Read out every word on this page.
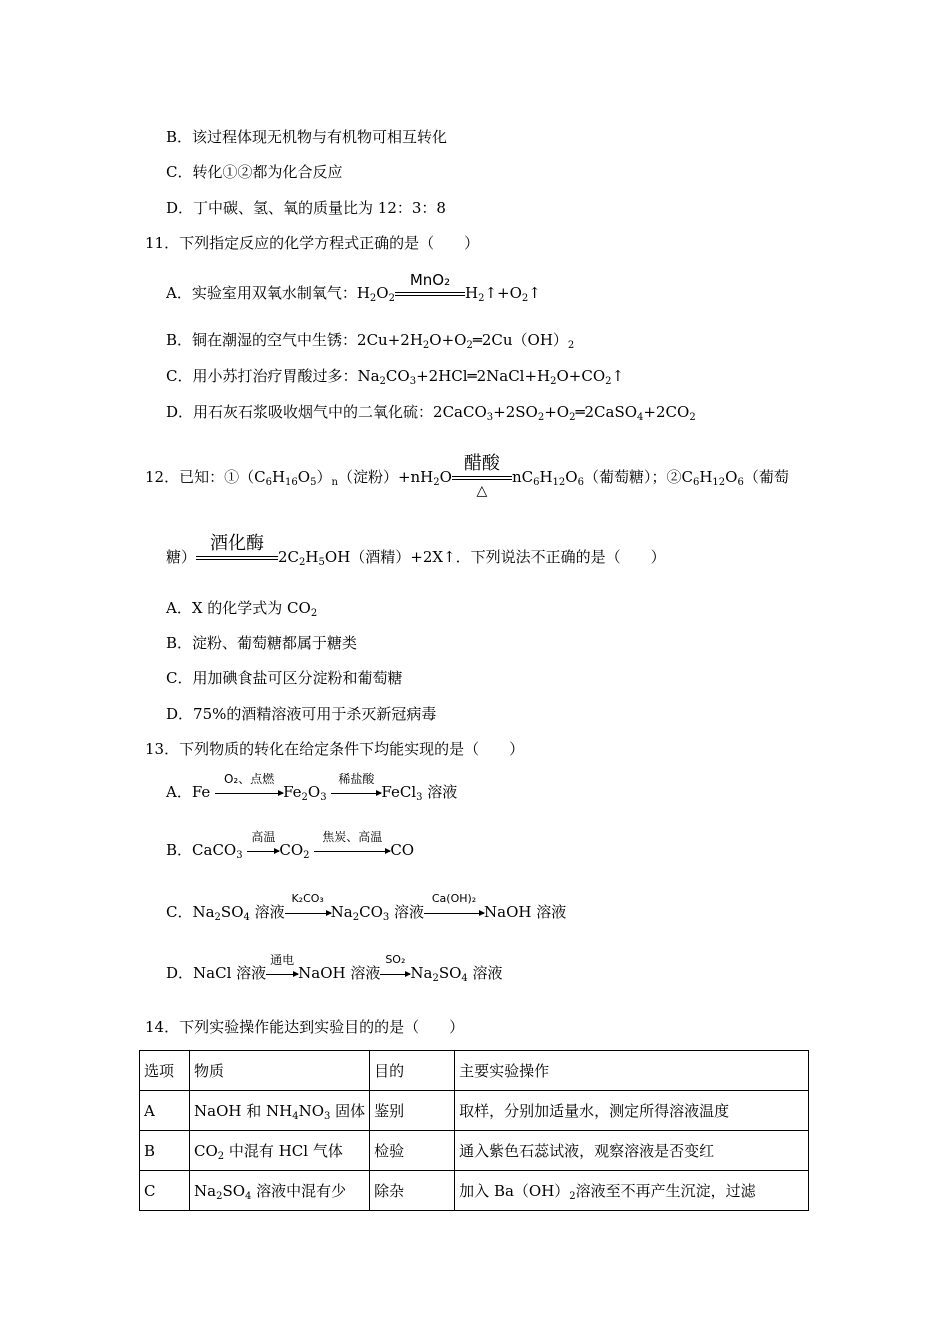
B．该过程体现无机物与有机物可相互转化
C．转化①②都为化合反应
D．丁中碳、氢、氧的质量比为 12：3：8
11．下列指定反应的化学方程式正确的是（　　）
A．实验室用双氧水制氧气：$H_2O_2$
MnO₂
$H_2↑+O_2↑$
B．铜在潮湿的空气中生锈：$2Cu+2H_2O+O_2═2Cu(OH)_2$
C．用小苏打治疗胃酸过多：$Na_2CO_3+2HCl═2NaCl+H_2O+CO_2↑$
D．用石灰石浆吸收烟气中的二氧化硫：$2CaCO_3+2SO_2+O_2═2CaSO_4+2CO_2$
12．已知：$①(C_6H_{16}O_5)_n$（淀粉）$+nH_2O$
醋酸
△
$nC_6H_{12}O_6$（葡萄糖）；$②C_6H_{12}O_6$（葡萄
糖）
酒化酶
$2C_2H_5OH$（酒精）+2X↑．下列说法不正确的是（　　）
A．X 的化学式为 $CO_2$
B．淀粉、葡萄糖都属于糖类
C．用加碘食盐可区分淀粉和葡萄糖
D．75%的酒精溶液可用于杀灭新冠病毒
13．下列物质的转化在给定条件下均能实现的是（　　）
A．Fe
O₂、点燃
$Fe_2O_3$
稀盐酸
FeCl$_3$ 溶液
B．CaCO$_3$
高温
$CO_2$
焦炭、高温
CO
C．$Na_2SO_4$ 溶液
K₂CO₃
$Na_2CO_3$ 溶液
Ca(OH)₂
NaOH 溶液
D．NaCl 溶液
通电
NaOH 溶液
SO₂
$Na_2SO_4$ 溶液
14．下列实验操作能达到实验目的的是（　　）
选项	物质	目的	主要实验操作
A	NaOH 和 $NH_4NO_3$ 固体	鉴别	取样，分别加适量水，测定所得溶液温度
B	$CO_2$ 中混有 HCl 气体	检验	通入紫色石蕊试液，观察溶液是否变红
C	$Na_2SO_4$ 溶液中混有少	除杂	加入 $Ba(OH)_2$溶液至不再产生沉淀，过滤
